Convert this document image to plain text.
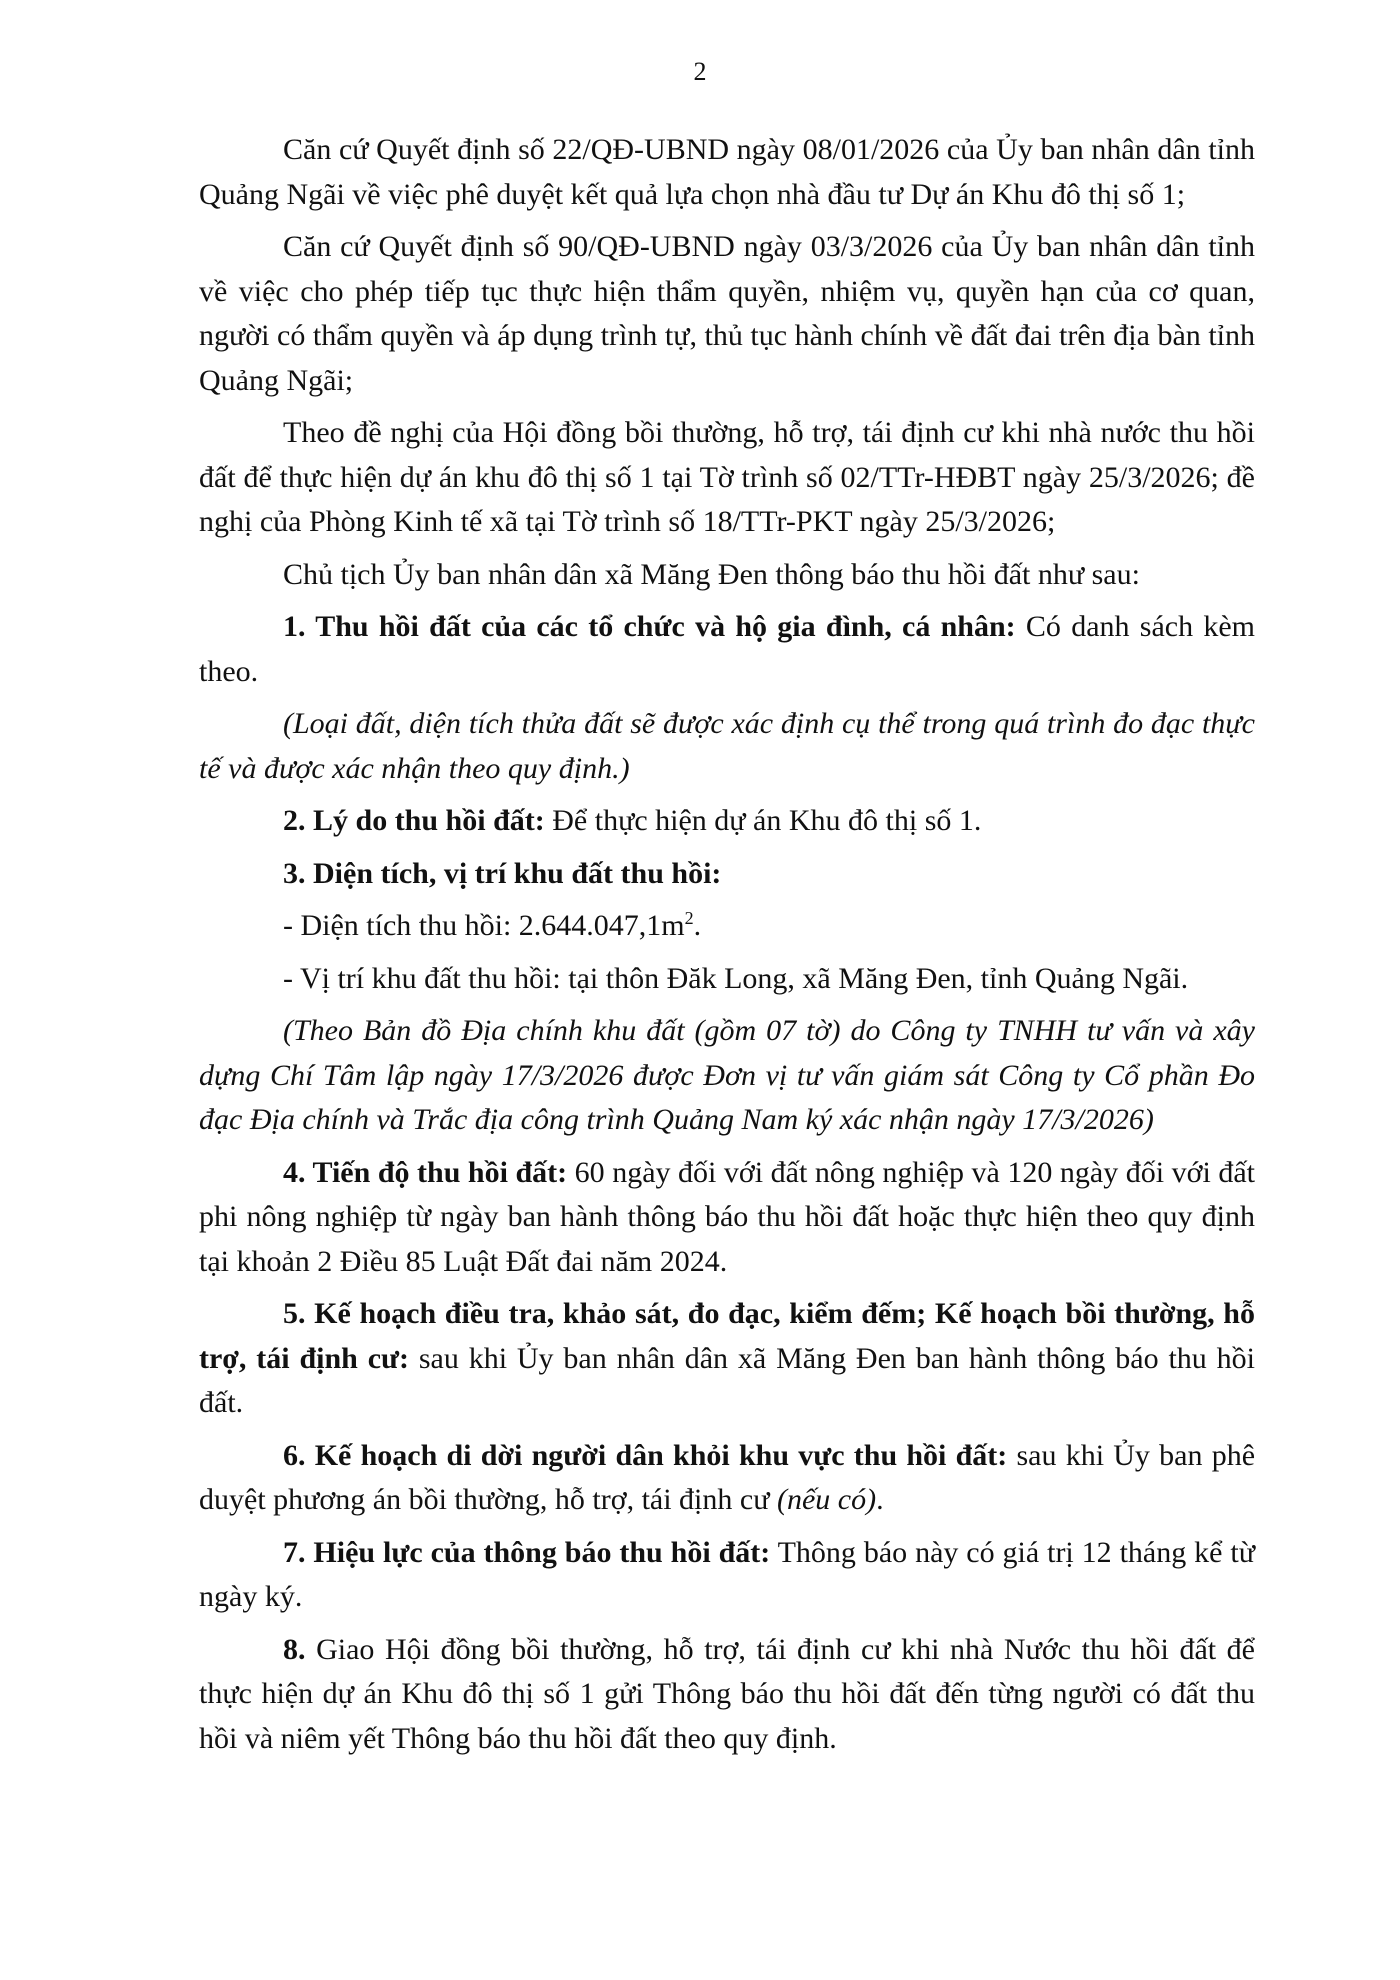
2

Căn cứ Quyết định số 22/QĐ-UBND ngày 08/01/2026 của Ủy ban nhân dân tỉnh Quảng Ngãi về việc phê duyệt kết quả lựa chọn nhà đầu tư Dự án Khu đô thị số 1;

Căn cứ Quyết định số 90/QĐ-UBND ngày 03/3/2026 của Ủy ban nhân dân tỉnh về việc cho phép tiếp tục thực hiện thẩm quyền, nhiệm vụ, quyền hạn của cơ quan, người có thẩm quyền và áp dụng trình tự, thủ tục hành chính về đất đai trên địa bàn tỉnh Quảng Ngãi;

Theo đề nghị của Hội đồng bồi thường, hỗ trợ, tái định cư khi nhà nước thu hồi đất để thực hiện dự án khu đô thị số 1 tại Tờ trình số 02/TTr-HĐBT ngày 25/3/2026; đề nghị của Phòng Kinh tế xã tại Tờ trình số 18/TTr-PKT ngày 25/3/2026;

Chủ tịch Ủy ban nhân dân xã Măng Đen thông báo thu hồi đất như sau:

1. Thu hồi đất của các tổ chức và hộ gia đình, cá nhân: Có danh sách kèm theo.

(Loại đất, diện tích thửa đất sẽ được xác định cụ thể trong quá trình đo đạc thực tế và được xác nhận theo quy định.)

2. Lý do thu hồi đất: Để thực hiện dự án Khu đô thị số 1.

3. Diện tích, vị trí khu đất thu hồi:

- Diện tích thu hồi: $2.644.047,1m^2$.

- Vị trí khu đất thu hồi: tại thôn Đăk Long, xã Măng Đen, tỉnh Quảng Ngãi.

(Theo Bản đồ Địa chính khu đất (gồm 07 tờ) do Công ty TNHH tư vấn và xây dựng Chí Tâm lập ngày 17/3/2026 được Đơn vị tư vấn giám sát Công ty Cổ phần Đo đạc Địa chính và Trắc địa công trình Quảng Nam ký xác nhận ngày 17/3/2026)

4. Tiến độ thu hồi đất: 60 ngày đối với đất nông nghiệp và 120 ngày đối với đất phi nông nghiệp từ ngày ban hành thông báo thu hồi đất hoặc thực hiện theo quy định tại khoản 2 Điều 85 Luật Đất đai năm 2024.

5. Kế hoạch điều tra, khảo sát, đo đạc, kiểm đếm; Kế hoạch bồi thường, hỗ trợ, tái định cư: sau khi Ủy ban nhân dân xã Măng Đen ban hành thông báo thu hồi đất.

6. Kế hoạch di dời người dân khỏi khu vực thu hồi đất: sau khi Ủy ban phê duyệt phương án bồi thường, hỗ trợ, tái định cư (nếu có).

7. Hiệu lực của thông báo thu hồi đất: Thông báo này có giá trị 12 tháng kể từ ngày ký.

8. Giao Hội đồng bồi thường, hỗ trợ, tái định cư khi nhà Nước thu hồi đất để thực hiện dự án Khu đô thị số 1 gửi Thông báo thu hồi đất đến từng người có đất thu hồi và niêm yết Thông báo thu hồi đất theo quy định.
